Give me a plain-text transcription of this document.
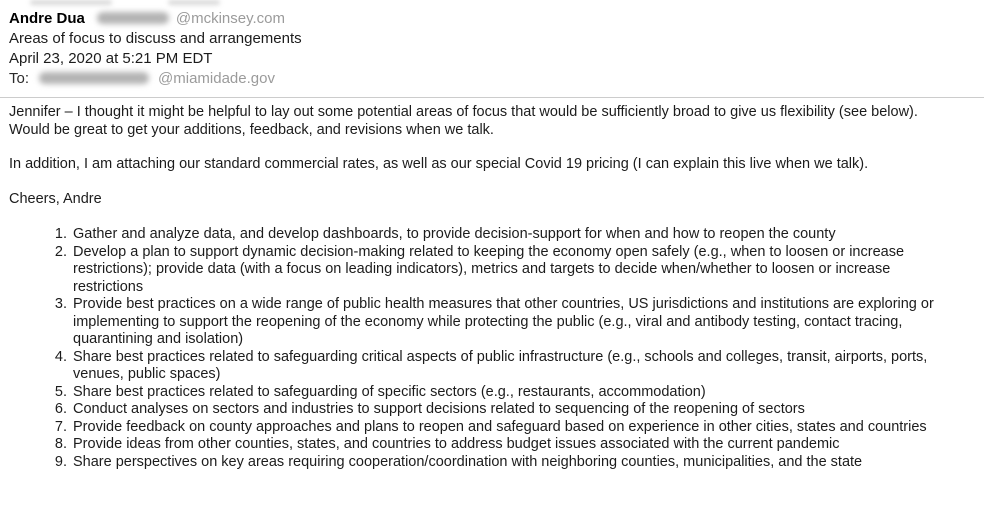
Andre Dua	@mckinsey.com
Areas of focus to discuss and arrangements
April 23, 2020 at 5:21 PM EDT
To:	@miamidade.gov

Jennifer – I thought it might be helpful to lay out some potential areas of focus that would be sufficiently broad to give us flexibility (see below). Would be great to get your additions, feedback, and revisions when we talk.

In addition, I am attaching our standard commercial rates, as well as our special Covid 19 pricing (I can explain this live when we talk).

Cheers, Andre

1. Gather and analyze data, and develop dashboards, to provide decision-support for when and how to reopen the county
2. Develop a plan to support dynamic decision-making related to keeping the economy open safely (e.g., when to loosen or increase restrictions); provide data (with a focus on leading indicators), metrics and targets to decide when/whether to loosen or increase restrictions
3. Provide best practices on a wide range of public health measures that other countries, US jurisdictions and institutions are exploring or implementing to support the reopening of the economy while protecting the public (e.g., viral and antibody testing, contact tracing, quarantining and isolation)
4. Share best practices related to safeguarding critical aspects of public infrastructure (e.g., schools and colleges, transit, airports, ports, venues, public spaces)
5. Share best practices related to safeguarding of specific sectors (e.g., restaurants, accommodation)
6. Conduct analyses on sectors and industries to support decisions related to sequencing of the reopening of sectors
7. Provide feedback on county approaches and plans to reopen and safeguard based on experience in other cities, states and countries
8. Provide ideas from other counties, states, and countries to address budget issues associated with the current pandemic
9. Share perspectives on key areas requiring cooperation/coordination with neighboring counties, municipalities, and the state
